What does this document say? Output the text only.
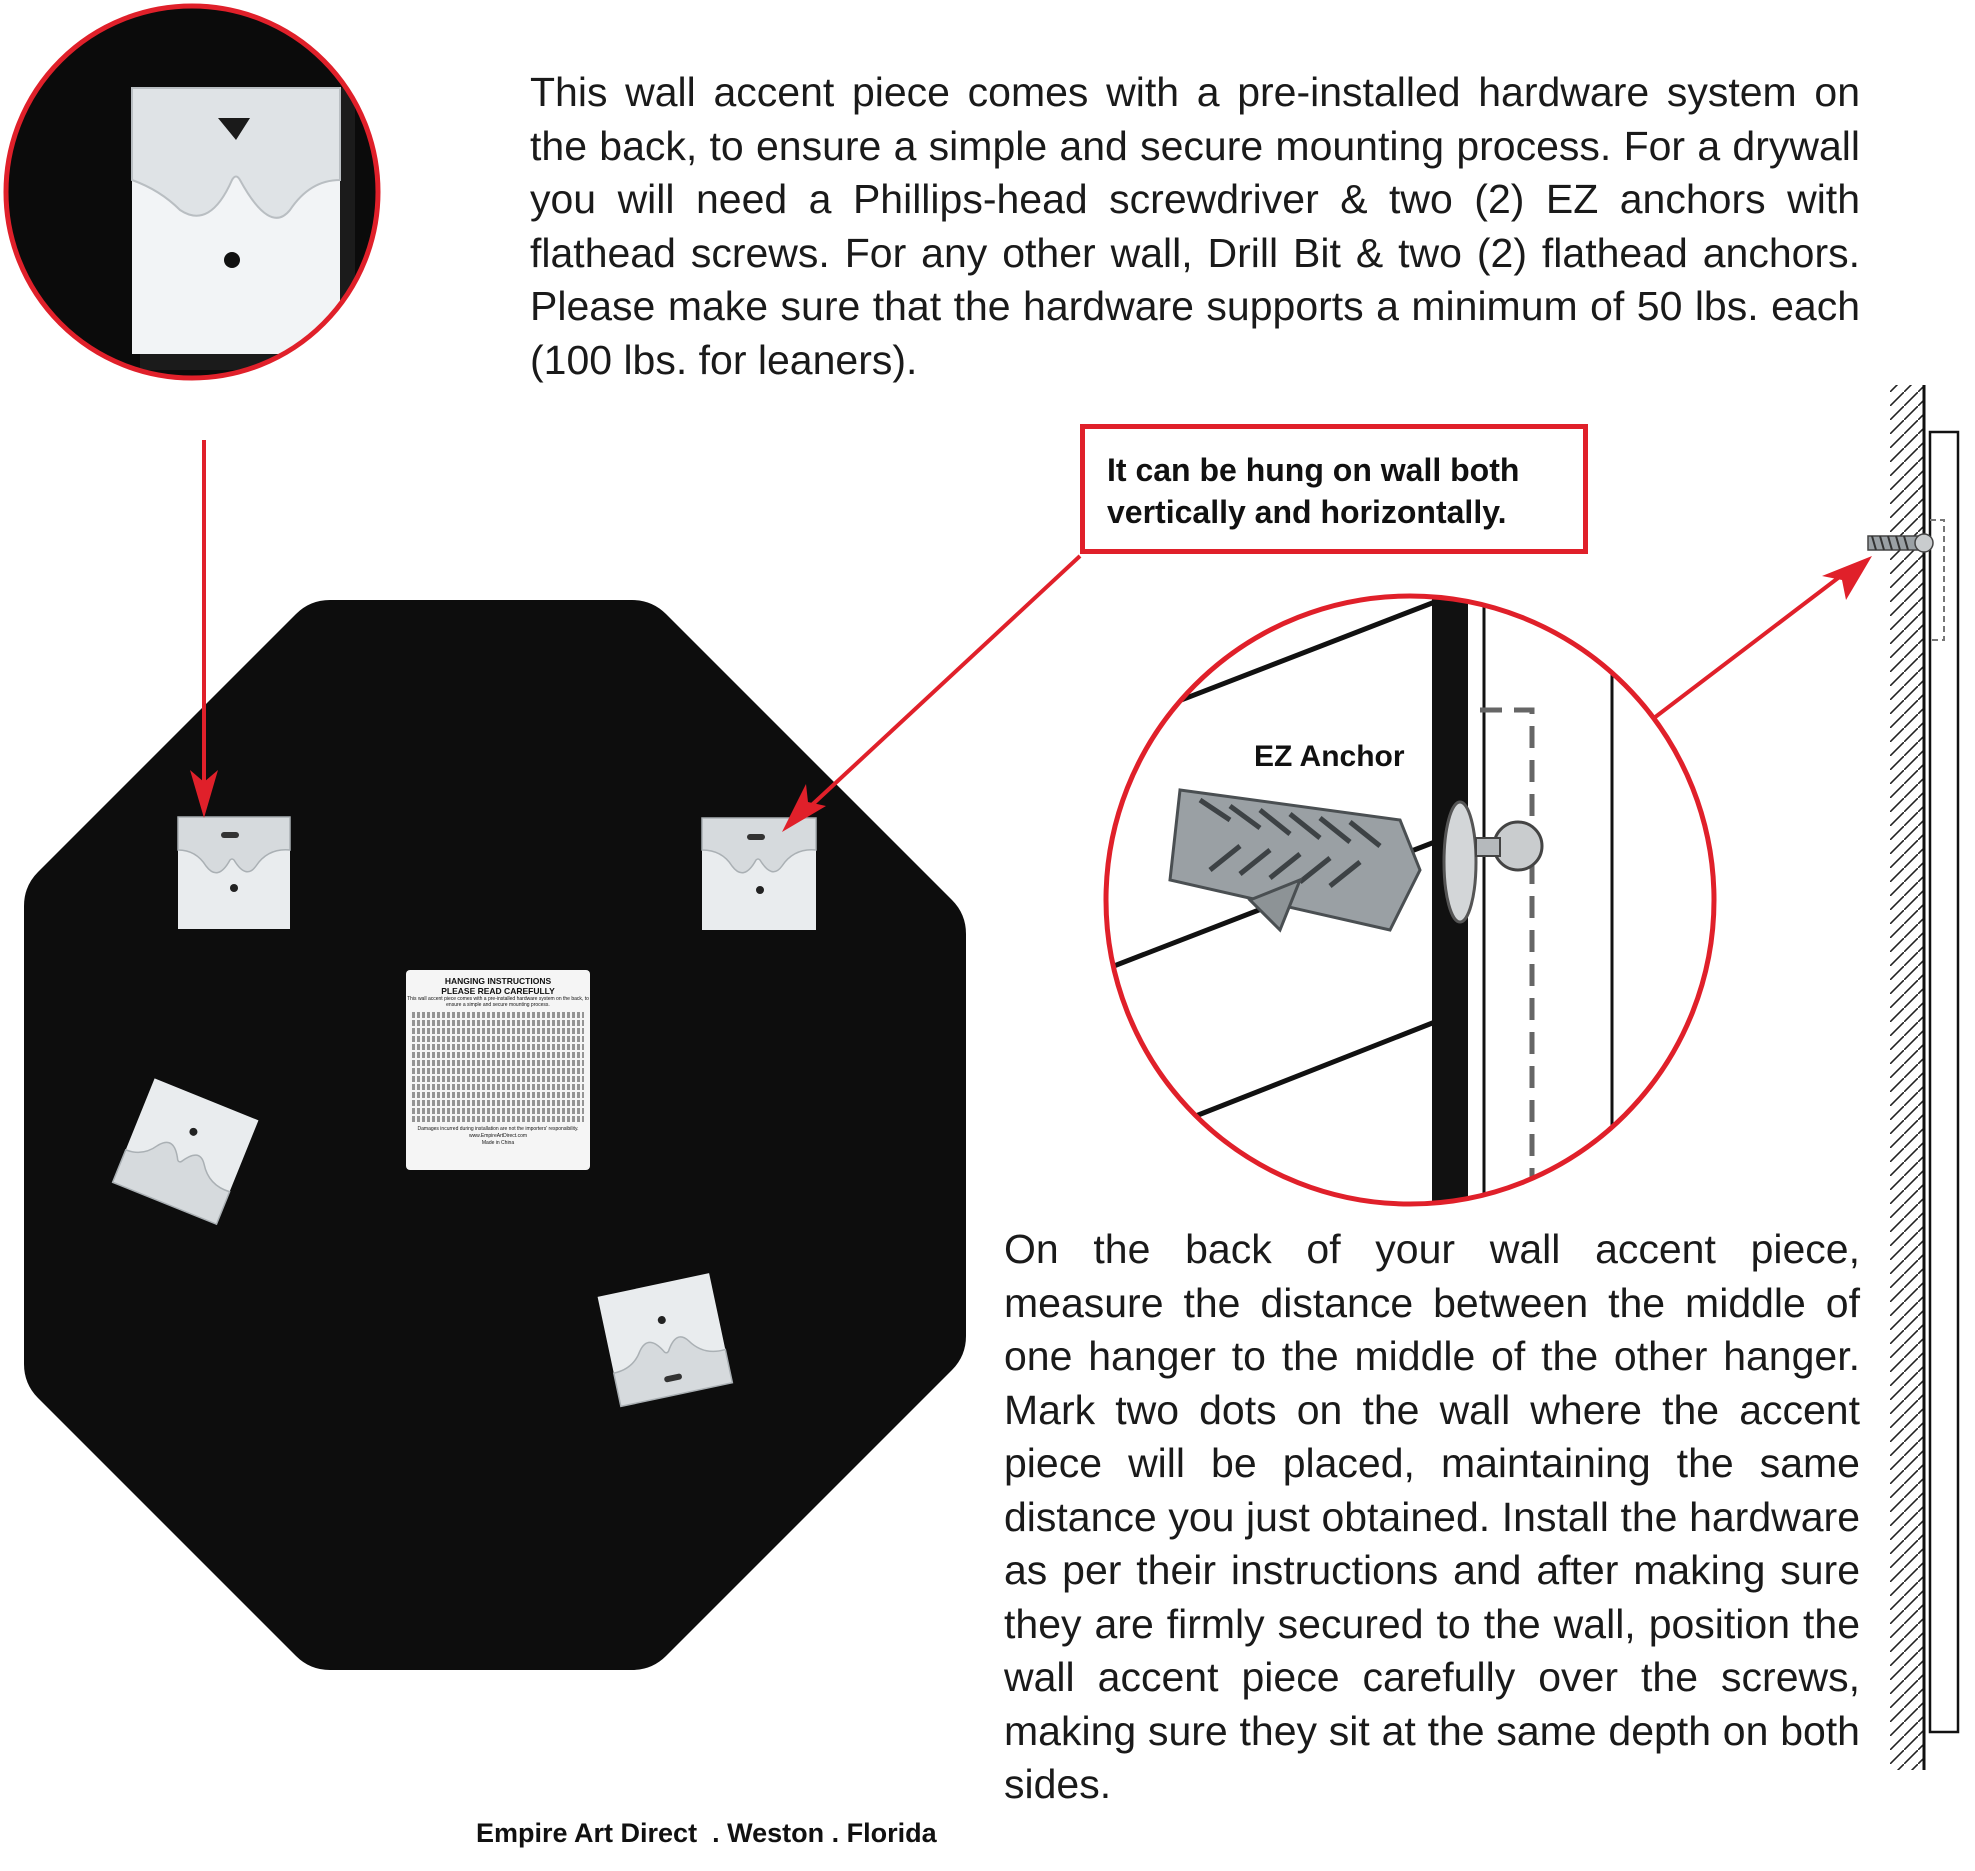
HANGING INSTRUCTIONS
PLEASE READ CAREFULLY
This wall accent piece comes with a pre-installed hardware system on the back, to ensure a simple and secure mounting process.
Damages incurred during installation are not the importers' responsibility.
www.EmpireArtDirect.com
Made in China

This wall accent piece comes with a pre-installed hardware system on the back, to ensure a simple and secure mounting process. For a drywall you will need a Phillips-head screwdriver & two (2) EZ anchors with flathead screws. For any other wall, Drill Bit & two (2) flathead anchors. Please make sure that the hardware supports a minimum of 50 lbs. each (100 lbs. for leaners).

It can be hung on wall both
vertically and horizontally.
EZ Anchor

On the back of your wall accent piece, measure the distance between the middle of one hanger to the middle of the other hanger. Mark two dots on the wall where the accent piece will be placed, maintaining the same distance you just obtained. Install the hardware as per their instructions and after making sure they are firmly secured to the wall, position the wall accent piece carefully over the screws, making sure they sit at the same depth on both sides.

Empire Art Direct  . Weston . Florida
